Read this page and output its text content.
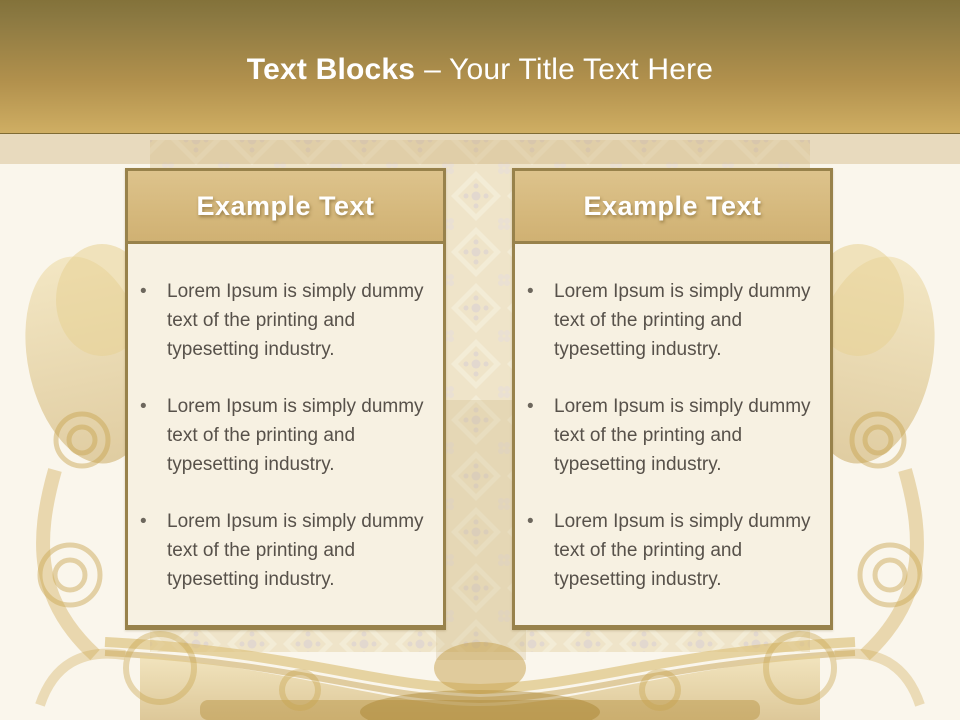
Text Blocks – Your Title Text Here
Example Text
•	Lorem Ipsum is simply dummy text of the printing and typesetting industry.
•	Lorem Ipsum is simply dummy text of the printing and typesetting industry.
•	Lorem Ipsum is simply dummy text of the printing and typesetting industry.
Example Text
•	Lorem Ipsum is simply dummy text of the printing and typesetting industry.
•	Lorem Ipsum is simply dummy text of the printing and typesetting industry.
•	Lorem Ipsum is simply dummy text of the printing and typesetting industry.
